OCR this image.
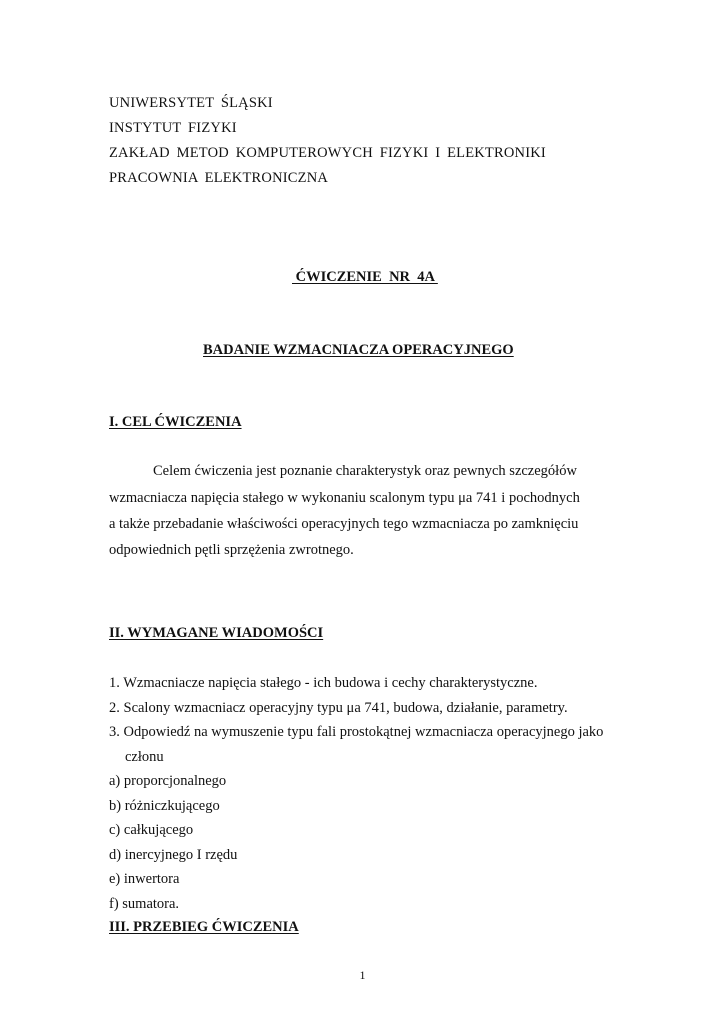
UNIWERSYTET ŚLĄSKI
INSTYTUT FIZYKI
ZAKŁAD METOD KOMPUTEROWYCH FIZYKI I ELEKTRONIKI
PRACOWNIA ELEKTRONICZNA
ĆWICZENIE  NR  4A
BADANIE WZMACNIACZA OPERACYJNEGO
I. CEL ĆWICZENIA
Celem ćwiczenia jest poznanie charakterystyk oraz pewnych szczegółów
wzmacniacza napięcia stałego w wykonaniu scalonym typu μa 741 i pochodnych
a także przebadanie właściwości operacyjnych tego wzmacniacza po zamknięciu
odpowiednich pętli sprzężenia zwrotnego.
II. WYMAGANE WIADOMOŚCI
1. Wzmacniacze napięcia stałego - ich budowa i cechy charakterystyczne.
2. Scalony wzmacniacz operacyjny typu μa 741, budowa, działanie, parametry.
3. Odpowiedź na wymuszenie typu fali prostokątnej wzmacniacza operacyjnego jako
członu
a) proporcjonalnego
b) różniczkującego
c) całkującego
d) inercyjnego I rzędu
e) inwertora
f) sumatora.
III. PRZEBIEG ĆWICZENIA
1
